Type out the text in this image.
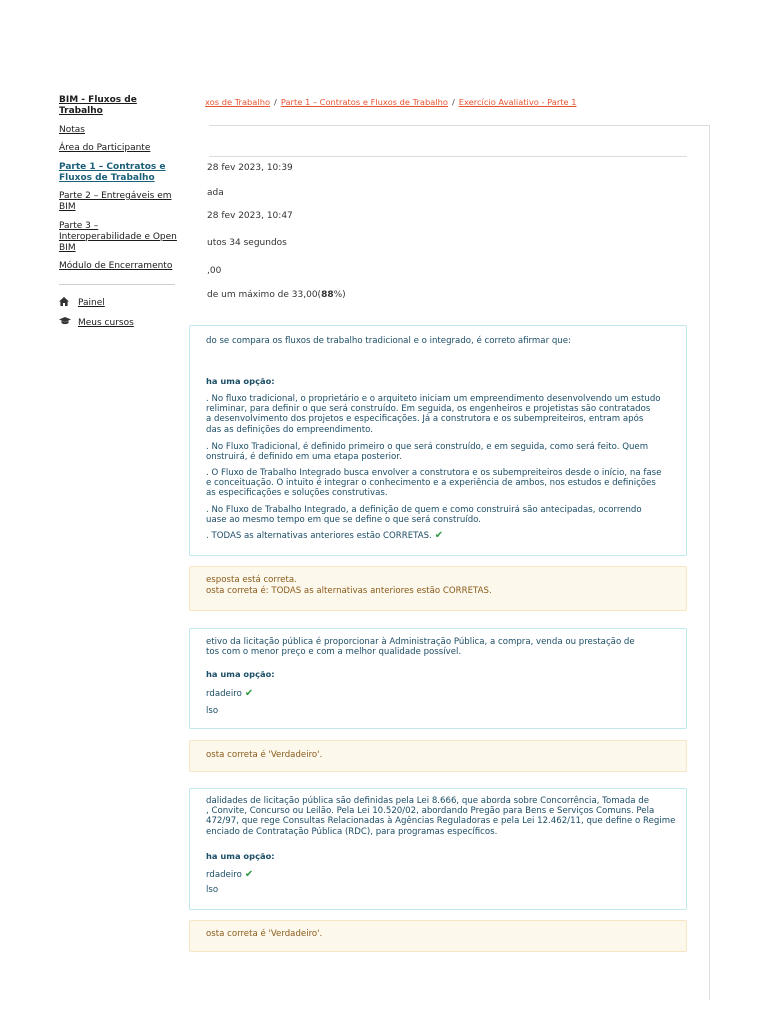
BIM - Fluxos de Trabalho
Notas
Área do Participante
Parte 1 – Contratos e
Fluxos de Trabalho
Parte 2 – Entregáveis em
BIM
Parte 3 –
Interoperabilidade e Open
BIM
Módulo de Encerramento
Painel
Meus cursos
xos de Trabalho / Parte 1 – Contratos e Fluxos de Trabalho / Exercício Avaliativo - Parte 1
28 fev 2023, 10:39
ada
28 fev 2023, 10:47
utos 34 segundos
,00
de um máximo de 33,00(88%)
do se compara os fluxos de trabalho tradicional e o integrado, é correto afirmar que:
ha uma opção:
. No fluxo tradicional, o proprietário e o arquiteto iniciam um empreendimento desenvolvendo um estudo
reliminar, para definir o que será construído. Em seguida, os engenheiros e projetistas são contratados
a desenvolvimento dos projetos e especificações. Já a construtora e os subempreiteiros, entram após
das as definições do empreendimento.
. No Fluxo Tradicional, é definido primeiro o que será construído, e em seguida, como será feito. Quem
onstruirá, é definido em uma etapa posterior.
. O Fluxo de Trabalho Integrado busca envolver a construtora e os subempreiteiros desde o início, na fase
e conceituação. O intuito é integrar o conhecimento e a experiência de ambos, nos estudos e definições
as especificações e soluções construtivas.
. No Fluxo de Trabalho Integrado, a definição de quem e como construirá são antecipadas, ocorrendo
uase ao mesmo tempo em que se define o que será construído.
. TODAS as alternativas anteriores estão CORRETAS. ✔
esposta está correta.
osta correta é: TODAS as alternativas anteriores estão CORRETAS.
etivo da licitação pública é proporcionar à Administração Pública, a compra, venda ou prestação de
tos com o menor preço e com a melhor qualidade possível.
ha uma opção:
rdadeiro ✔
lso
osta correta é 'Verdadeiro'.
dalidades de licitação pública são definidas pela Lei 8.666, que aborda sobre Concorrência, Tomada de
, Convite, Concurso ou Leilão. Pela Lei 10.520/02, abordando Pregão para Bens e Serviços Comuns. Pela
472/97, que rege Consultas Relacionadas à Agências Reguladoras e pela Lei 12.462/11, que define o Regime
enciado de Contratação Pública (RDC), para programas específicos.
ha uma opção:
rdadeiro ✔
lso
osta correta é 'Verdadeiro'.
